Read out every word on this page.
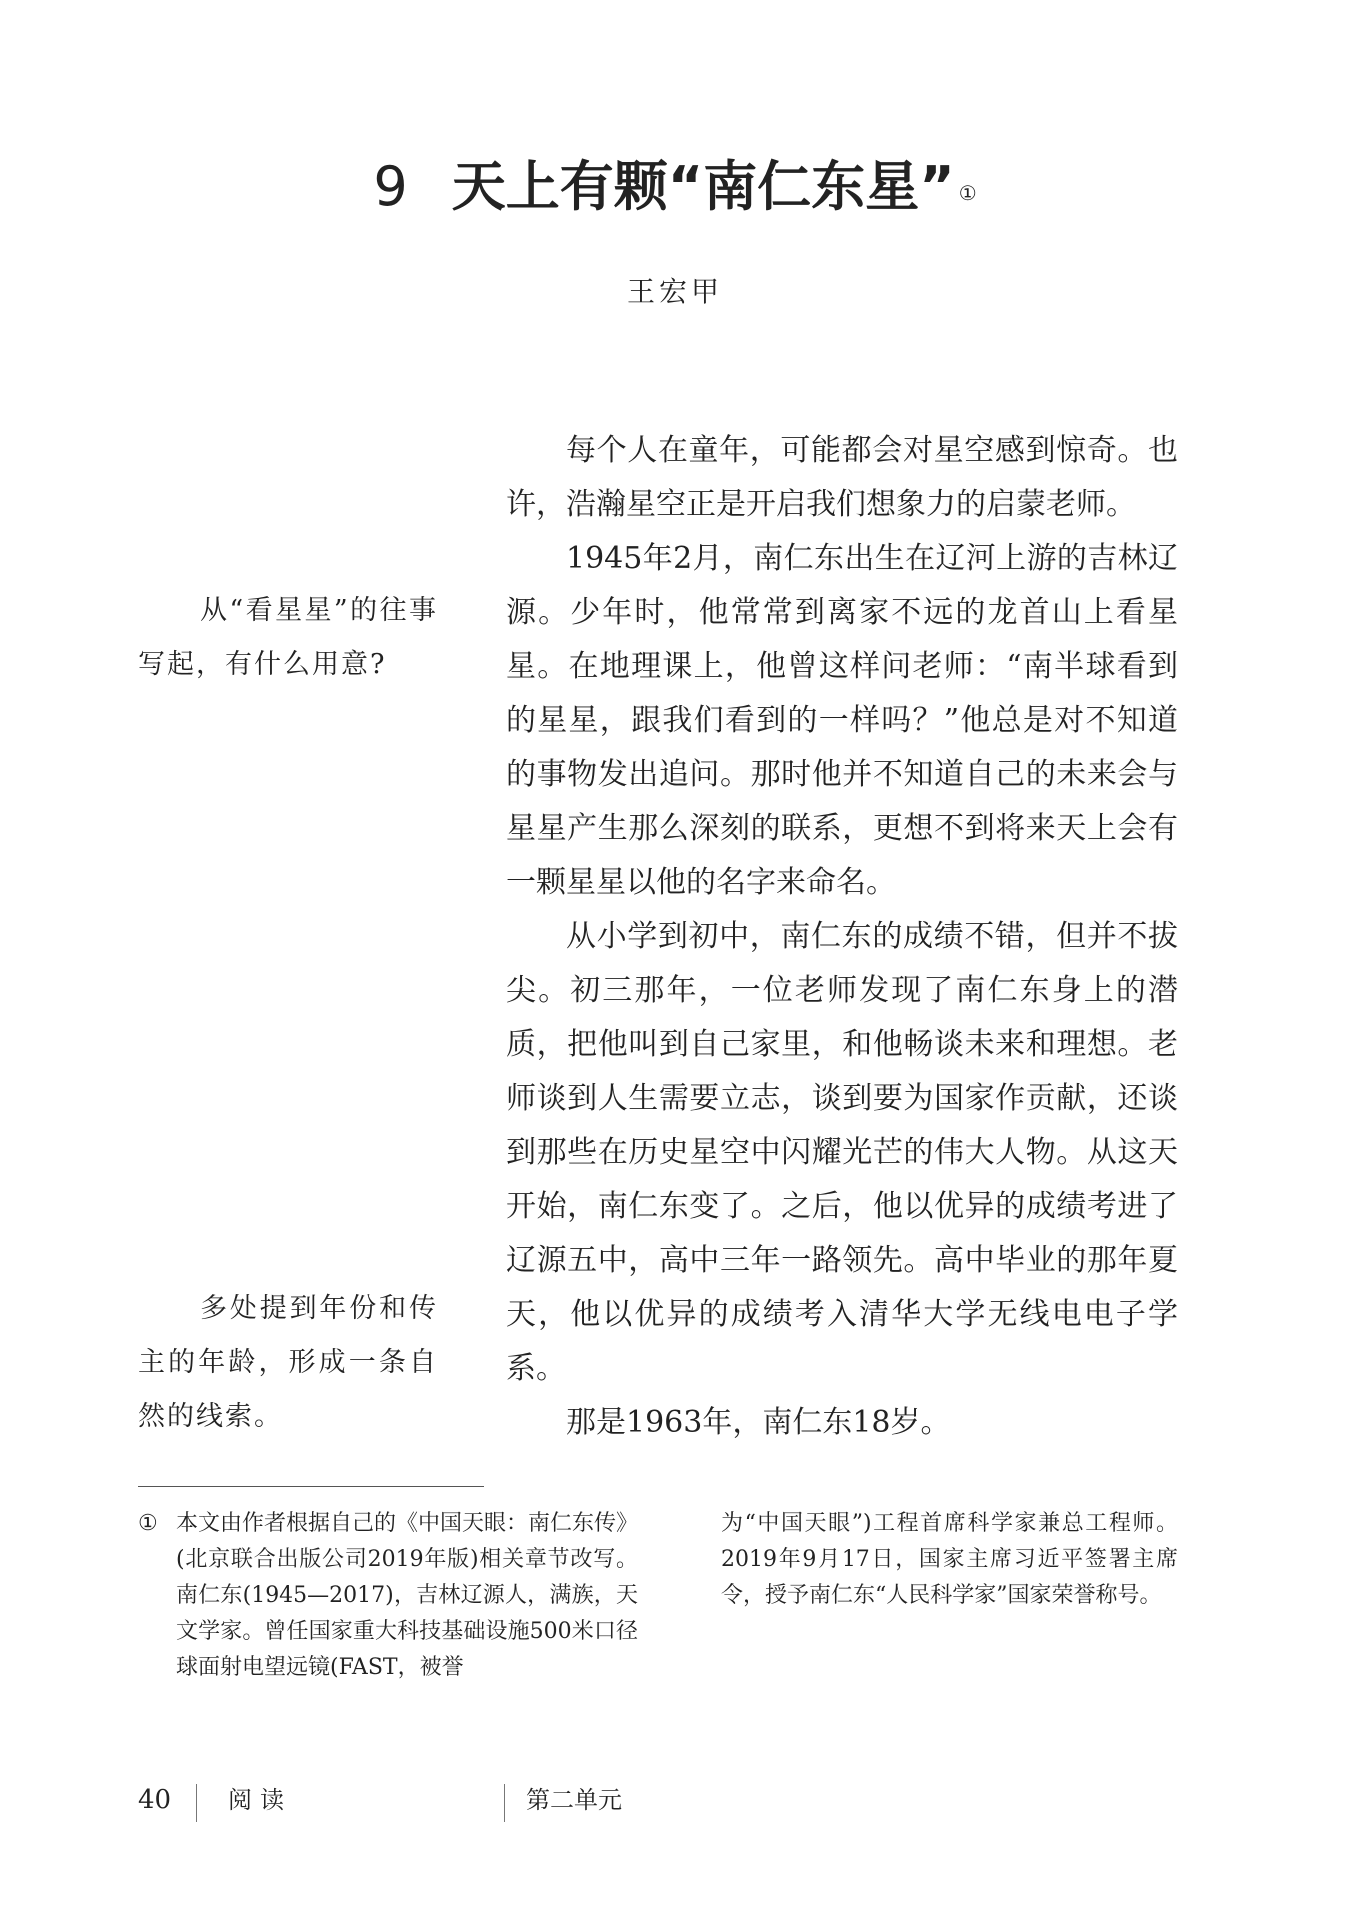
9 天上有颗“南仁东星” ①
王宏甲

每个人在童年，可能都会对星空感到惊奇。也许，浩瀚星空正是开启我们想象力的启蒙老师。

1945年2月，南仁东出生在辽河上游的吉林辽源。少年时，他常常到离家不远的龙首山上看星星。在地理课上，他曾这样问老师：“南半球看到的星星，跟我们看到的一样吗？”他总是对不知道的事物发出追问。那时他并不知道自己的未来会与星星产生那么深刻的联系，更想不到将来天上会有一颗星星以他的名字来命名。

从小学到初中，南仁东的成绩不错，但并不拔尖。初三那年，一位老师发现了南仁东身上的潜质，把他叫到自己家里，和他畅谈未来和理想。老师谈到人生需要立志，谈到要为国家作贡献，还谈到那些在历史星空中闪耀光芒的伟大人物。从这天开始，南仁东变了。之后，他以优异的成绩考进了辽源五中，高中三年一路领先。高中毕业的那年夏天，他以优异的成绩考入清华大学无线电电子学系。

那是1963年，南仁东18岁。

从“看星星”的往事写起，有什么用意?
多处提到年份和传主的年龄，形成一条自然的线索。
① 本文由作者根据自己的《中国天眼：南仁东传》(北京联合出版公司2019年版)相关章节改写。南仁东(1945—2017)，吉林辽源人，满族，天文学家。曾任国家重大科技基础设施500米口径球面射电望远镜(FAST，被誉
为“中国天眼”)工程首席科学家兼总工程师。2019年9月17日，国家主席习近平签署主席令，授予南仁东“人民科学家”国家荣誉称号。
40 阅读	第二单元
